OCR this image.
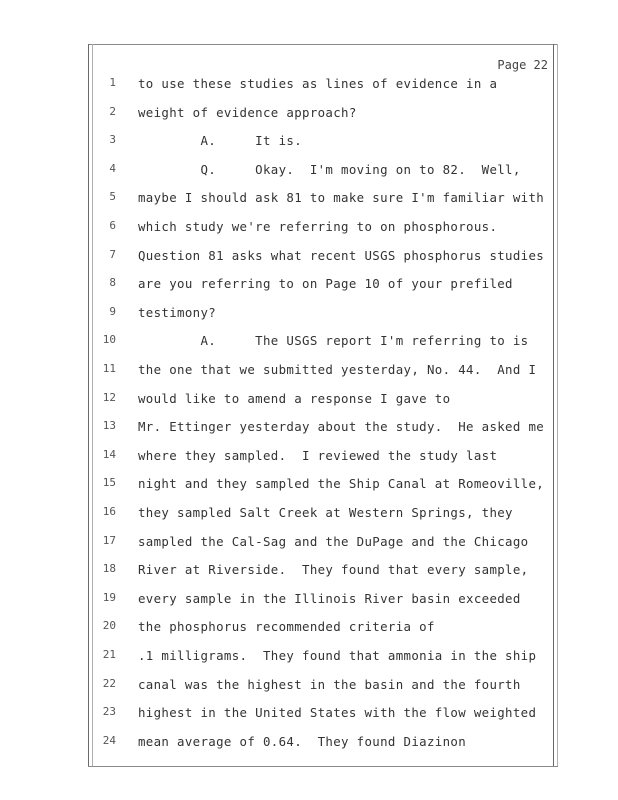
Page 22
1 to use these studies as lines of evidence in a
2 weight of evidence approach?
3 A.     It is.
4 Q.     Okay.  I'm moving on to 82.  Well,
5 maybe I should ask 81 to make sure I'm familiar with
6 which study we're referring to on phosphorous.
7 Question 81 asks what recent USGS phosphorus studies
8 are you referring to on Page 10 of your prefiled
9 testimony?
10 A.     The USGS report I'm referring to is
11 the one that we submitted yesterday, No. 44.  And I
12 would like to amend a response I gave to
13 Mr. Ettinger yesterday about the study.  He asked me
14 where they sampled.  I reviewed the study last
15 night and they sampled the Ship Canal at Romeoville,
16 they sampled Salt Creek at Western Springs, they
17 sampled the Cal-Sag and the DuPage and the Chicago
18 River at Riverside.  They found that every sample,
19 every sample in the Illinois River basin exceeded
20 the phosphorus recommended criteria of
21 .1 milligrams.  They found that ammonia in the ship
22 canal was the highest in the basin and the fourth
23 highest in the United States with the flow weighted
24 mean average of 0.64.  They found Diazinon
